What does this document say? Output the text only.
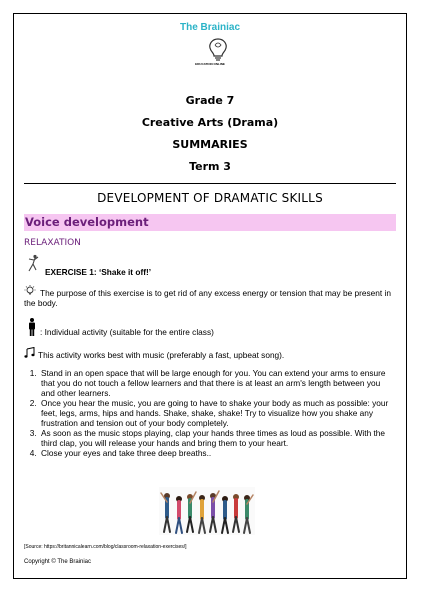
The Brainiac
EDUCATION ONLINE
Grade 7
Creative Arts (Drama)
SUMMARIES
Term 3
DEVELOPMENT OF DRAMATIC SKILLS
Voice development
RELAXATION
EXERCISE 1: ‘Shake it off!’
The purpose of this exercise is to get rid of any excess energy or tension that may be present in the body.
: Individual activity (suitable for the entire class)
This activity works best with music (preferably a fast, upbeat song).
1. Stand in an open space that will be large enough for you. You can extend your arms to ensure that you do not touch a fellow learners and that there is at least an arm's length between you and other learners.
2. Once you hear the music, you are going to have to shake your body as much as possible: your feet, legs, arms, hips and hands. Shake, shake, shake! Try to visualize how you shake any frustration and tension out of your body completely.
3. As soon as the music stops playing, clap your hands three times as loud as possible. With the third clap, you will release your hands and bring them to your heart.
4. Close your eyes and take three deep breaths..
[Source: https://britannicalearn.com/blog/classroom-relaxation-exercises/]
Copyright © The Brainiac
